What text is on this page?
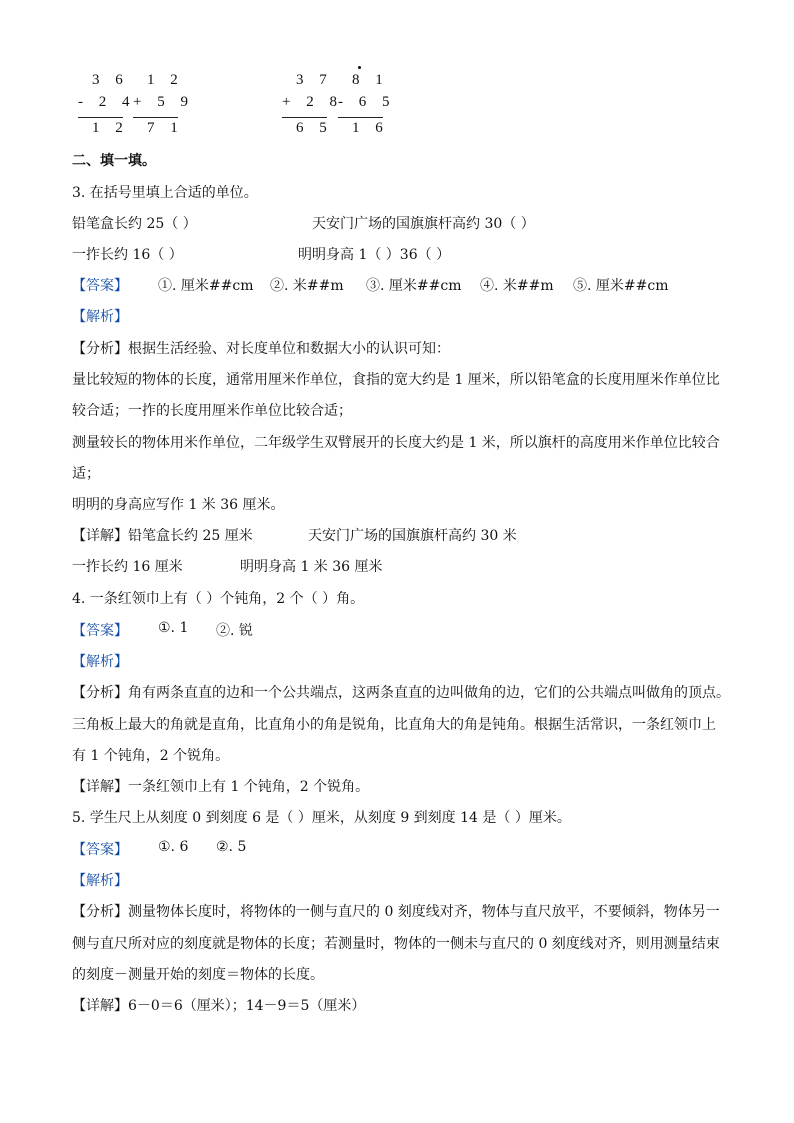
3 6
- 2 4
1 2
1 2
+ 5 9
7 1
3 7
+ 2 8
6 5
8 1
- 6 5
1 6
二、填一填。
3. 在括号里填上合适的单位。
铅笔盒长约 25（ ）	天安门广场的国旗旗杆高约 30（ ）
一拃长约 16（ ）	明明身高 1（ ）36（ ）
【答案】 ①. 厘米##cm ②. 米##m ③. 厘米##cm ④. 米##m ⑤. 厘米##cm
【解析】
【分析】根据生活经验、对长度单位和数据大小的认识可知：
量比较短的物体的长度，通常用厘米作单位，食指的宽大约是 1 厘米，所以铅笔盒的长度用厘米作单位比
较合适；一拃的长度用厘米作单位比较合适；
测量较长的物体用米作单位，二年级学生双臂展开的长度大约是 1 米，所以旗杆的高度用米作单位比较合
适；
明明的身高应写作 1 米 36 厘米。
【详解】铅笔盒长约 25 厘米	天安门广场的国旗旗杆高约 30 米
一拃长约 16 厘米	明明身高 1 米 36 厘米
4. 一条红领巾上有（ ）个钝角，2 个（ ）角。
【答案】 ①. 1 ②. 锐
【解析】
【分析】角有两条直直的边和一个公共端点，这两条直直的边叫做角的边，它们的公共端点叫做角的顶点。
三角板上最大的角就是直角，比直角小的角是锐角，比直角大的角是钝角。根据生活常识，一条红领巾上
有 1 个钝角，2 个锐角。
【详解】一条红领巾上有 1 个钝角，2 个锐角。
5. 学生尺上从刻度 0 到刻度 6 是（ ）厘米，从刻度 9 到刻度 14 是（ ）厘米。
【答案】 ①. 6 ②. 5
【解析】
【分析】测量物体长度时，将物体的一侧与直尺的 0 刻度线对齐，物体与直尺放平，不要倾斜，物体另一
侧与直尺所对应的刻度就是物体的长度；若测量时，物体的一侧未与直尺的 0 刻度线对齐，则用测量结束
的刻度－测量开始的刻度＝物体的长度。
【详解】6－0＝6（厘米）；14－9＝5（厘米）
